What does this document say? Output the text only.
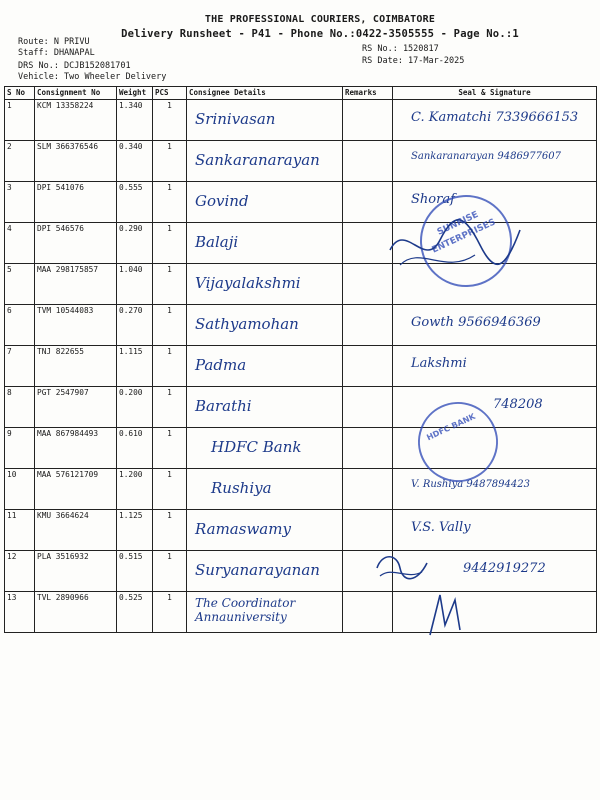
THE PROFESSIONAL COURIERS, COIMBATORE
Delivery Runsheet - P41 - Phone No.:0422-3505555 - Page No.:1
Route: N PRIVU
Staff: DHANAPAL
DRS No.: DCJB152081701
Vehicle: Two Wheeler Delivery
RS No.: 1520817
RS Date: 17-Mar-2025
S No	Consignment No	Weight	PCS	Consignee Details	Remarks	Seal & Signature
1	KCM 13358224	1.340	1	Srinivasan		C. Kamatchi 7339666153

2	SLM 366376546	0.340	1	Sankaranarayan		Sankaranarayan 9486977607

3	DPI 541076	0.555	1	Govind		Shoraf

4	DPI 546576	0.290	1	Balaji		

5	MAA 298175857	1.040	1	Vijayalakshmi		

6	TVM 10544083	0.270	1	Sathyamohan		Gowth 9566946369

7	TNJ 822655	1.115	1	Padma		Lakshmi

8	PGT 2547907	0.200	1	Barathi		748208

9	MAA 867984493	0.610	1	HDFC Bank		

10	MAA 576121709	1.200	1	Rushiya		V. Rushiya 9487894423

11	KMU 3664624	1.125	1	Ramaswamy		V.S. Vally

12	PLA 3516932	0.515	1	Suryanarayanan		9442919272

13	TVL 2890966	0.525	1	The Coordinator Annauniversity		

SUNRISE ENTERPRISES
HDFC BANK
